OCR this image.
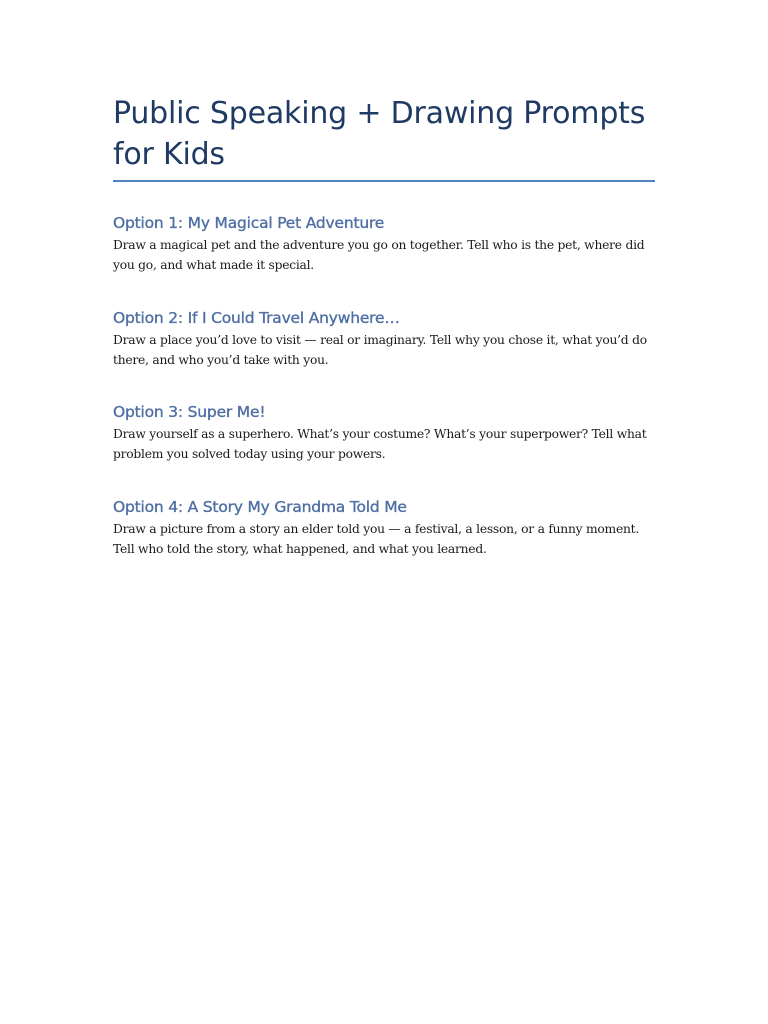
Public Speaking + Drawing Prompts for Kids
Option 1: My Magical Pet Adventure

Draw a magical pet and the adventure you go on together. Tell who is the pet, where did you go, and what made it special.

Option 2: If I Could Travel Anywhere…

Draw a place you’d love to visit — real or imaginary. Tell why you chose it, what you’d do there, and who you’d take with you.

Option 3: Super Me!

Draw yourself as a superhero. What’s your costume? What’s your superpower? Tell what problem you solved today using your powers.

Option 4: A Story My Grandma Told Me

Draw a picture from a story an elder told you — a festival, a lesson, or a funny moment. Tell who told the story, what happened, and what you learned.
